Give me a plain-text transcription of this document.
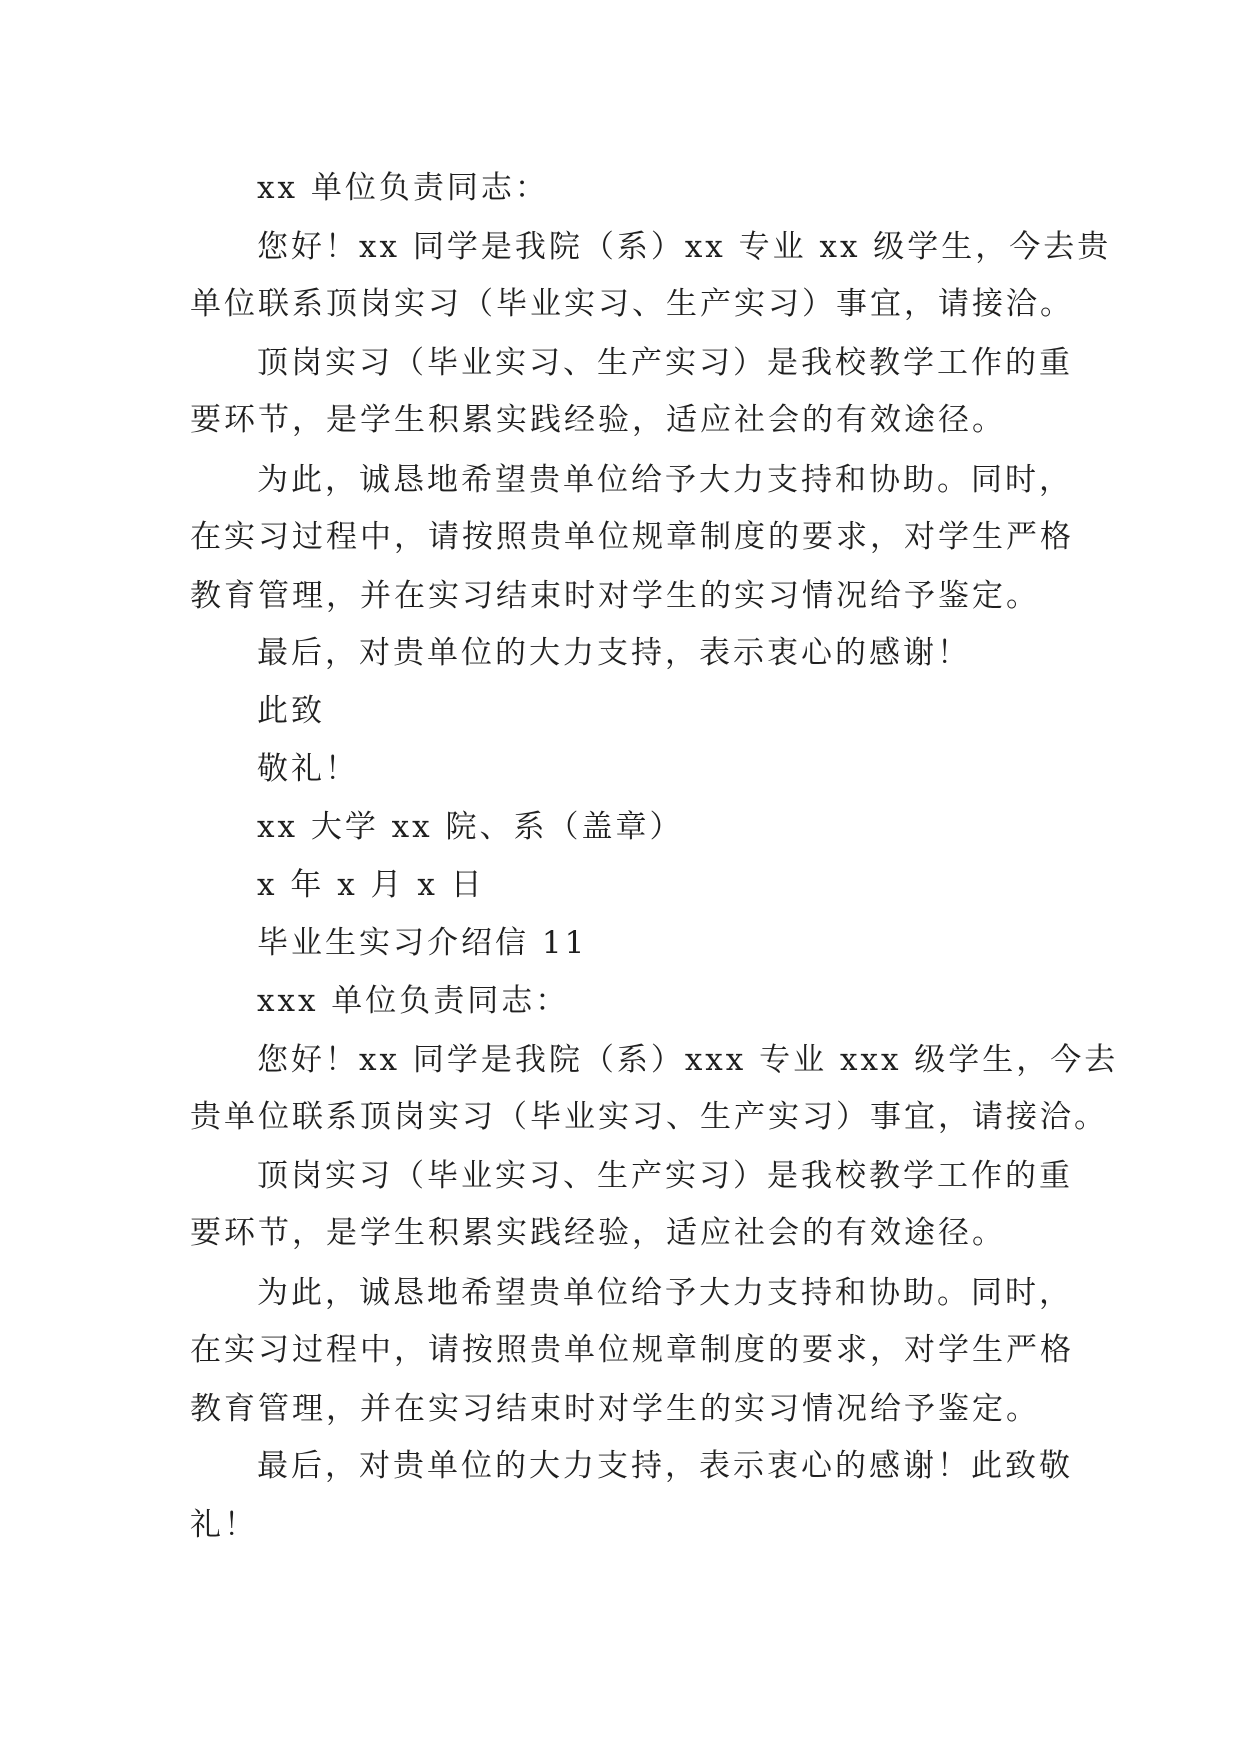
xx 单位负责同志：
您好！xx 同学是我院（系）xx 专业 xx 级学生，今去贵
单位联系顶岗实习（毕业实习、生产实习）事宜，请接洽。
顶岗实习（毕业实习、生产实习）是我校教学工作的重
要环节，是学生积累实践经验，适应社会的有效途径。
为此，诚恳地希望贵单位给予大力支持和协助。同时，
在实习过程中，请按照贵单位规章制度的要求，对学生严格
教育管理，并在实习结束时对学生的实习情况给予鉴定。
最后，对贵单位的大力支持，表示衷心的感谢！
此致
敬礼！
xx 大学 xx 院、系（盖章）
x 年 x 月 x 日
毕业生实习介绍信 11
xxx 单位负责同志：
您好！xx 同学是我院（系）xxx 专业 xxx 级学生，今去
贵单位联系顶岗实习（毕业实习、生产实习）事宜，请接洽。
顶岗实习（毕业实习、生产实习）是我校教学工作的重
要环节，是学生积累实践经验，适应社会的有效途径。
为此，诚恳地希望贵单位给予大力支持和协助。同时，
在实习过程中，请按照贵单位规章制度的要求，对学生严格
教育管理，并在实习结束时对学生的实习情况给予鉴定。
最后，对贵单位的大力支持，表示衷心的感谢！此致敬
礼！
